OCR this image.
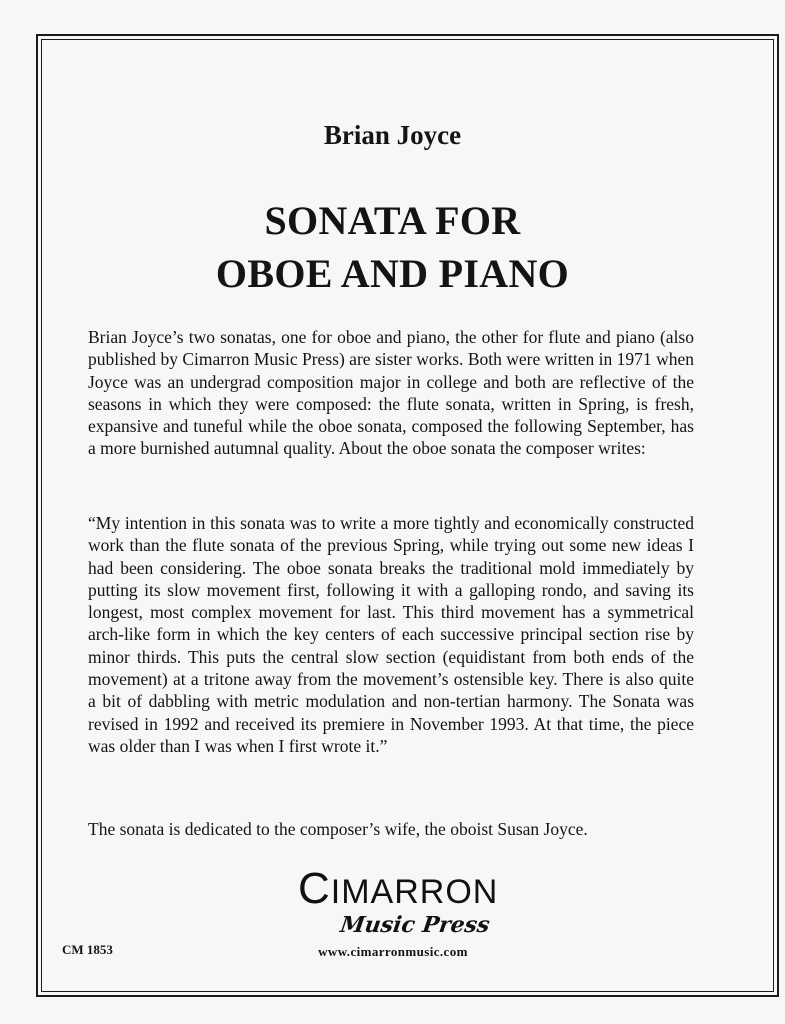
Brian Joyce
SONATA FOR
OBOE AND PIANO

Brian Joyce’s two sonatas, one for oboe and piano, the other for flute and piano (also published by Cimarron Music Press) are sister works. Both were written in 1971 when Joyce was an undergrad composition major in college and both are reflective of the seasons in which they were composed: the flute sonata, written in Spring, is fresh, expansive and tuneful while the oboe sonata, composed the following September, has a more burnished autumnal quality. About the oboe sonata the composer writes:

“My intention in this sonata was to write a more tightly and economically constructed work than the flute sonata of the previous Spring, while trying out some new ideas I had been considering. The oboe sonata breaks the traditional mold immediately by putting its slow movement first, following it with a galloping rondo, and saving its longest, most complex movement for last. This third movement has a symmetrical arch-like form in which the key centers of each successive principal section rise by minor thirds. This puts the central slow section (equidistant from both ends of the movement) at a tritone away from the movement’s ostensible key. There is also quite a bit of dabbling with metric modulation and non-tertian harmony. The Sonata was revised in 1992 and received its premiere in November 1993. At that time, the piece was older than I was when I first wrote it.”

The sonata is dedicated to the composer’s wife, the oboist Susan Joyce.

CIMARRON
Music Press
www.cimarronmusic.com
CM 1853
